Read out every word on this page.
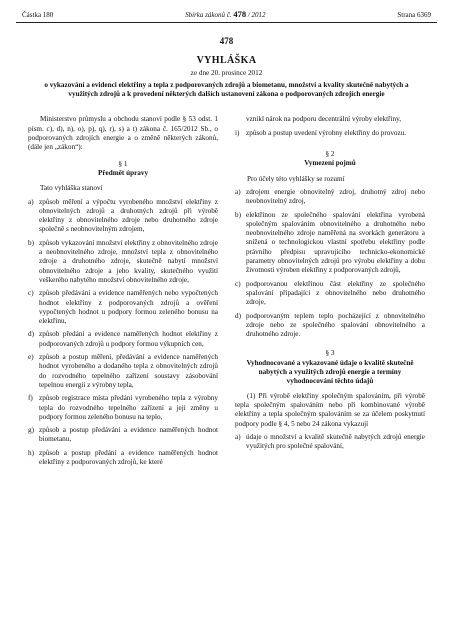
Částka 180	Sbírka zákonů č. 478 / 2012	Strana 6369
478
VYHLÁŠKA
ze dne 20. prosince 2012
o vykazování a evidenci elektřiny a tepla z podporovaných zdrojů a biometanu, množství a kvality skutečně nabytých a využitých zdrojů a k provedení některých dalších ustanovení zákona o podporovaných zdrojích energie

Ministerstvo průmyslu a obchodu stanoví podle § 53 odst. 1 písm. c), d), n), o), p), q), r), s) a t) zákona č. 165/2012 Sb., o podporovaných zdrojích energie a o změně některých zákonů, (dále jen „zákon“):

§ 1
Předmět úpravy

Tato vyhláška stanoví

a) způsob měření a výpočtu vyrobeného množství elektřiny z obnovitelných zdrojů a druhotných zdrojů při výrobě elektřiny z obnovitelného zdroje nebo druhotného zdroje společně s neobnovitelným zdrojem,
b) způsob vykazování množství elektřiny z obnovitelného zdroje a neobnovitelného zdroje, množství tepla z obnovitelného zdroje a druhotného zdroje, skutečně nabytí množství obnovitelného zdroje a jeho kvality, skutečného využití veškerého nabytého množství obnovitelného zdroje,
c) způsob předávání a evidence naměřených nebo vypočtených hodnot elektřiny z podporovaných zdrojů a ověření vypočtených hodnot u podpory formou zeleného bonusu na elektřinu,
d) způsob předání a evidence naměřených hodnot elektřiny z podporovaných zdrojů u podpory formou výkupních cen,
e) způsob a postup měření, předávání a evidence naměřených hodnot vyrobeného a dodaného tepla z obnovitelných zdrojů do rozvodného tepelného zařízení soustavy zásobování tepelnou energií z výrobny tepla,
f) způsob registrace místa předání vyrobeného tepla z výrobny tepla do rozvodného tepelného zařízení a její změny u podpory formou zeleného bonusu na teplo,
g) způsob a postup předávání a evidence naměřených hodnot biometanu,
h) způsob a postup předání a evidence naměřených hodnot elektřiny z podporovaných zdrojů, ke které

vznikl nárok na podporu decentrální výroby elektřiny,

i) způsob a postup uvedení výrobny elektřiny do provozu.
§ 2
Vymezení pojmů

Pro účely této vyhlášky se rozumí

a) zdrojem energie obnovitelný zdroj, druhotný zdroj nebo neobnovitelný zdroj,
b) elektřinou ze společného spalování elektřina vyrobená společným spalováním obnovitelného a druhotného nebo neobnovitelného zdroje naměřená na svorkách generátoru a snížená o technologickou vlastní spotřebu elektřiny podle právního předpisu upravujícího technicko-ekonomické parametry obnovitelných zdrojů pro výrobu elektřiny a dobu životnosti výroben elektřiny z podporovaných zdrojů,
c) podporovanou elektřinou část elektřiny ze společného spalování připadající z obnovitelného nebo druhotného zdroje,
d) podporovaným teplem teplo pocházející z obnovitelného zdroje nebo ze společného spalování obnovitelného a druhotného zdroje.
§ 3
Vyhodnocované a vykazované údaje o kvalitě skutečně nabytých a využitých zdrojů energie a termíny vyhodnocování těchto údajů

(1) Při výrobě elektřiny společným spalováním, při výrobě tepla společným spalováním nebo při kombinované výrobě elektřiny a tepla společným spalováním se za účelem poskytnutí podpory podle § 4, 5 nebo 24 zákona vykazují

a) údaje o množství a kvalitě skutečně nabytých zdrojů energie využitých pro společné spalování,
